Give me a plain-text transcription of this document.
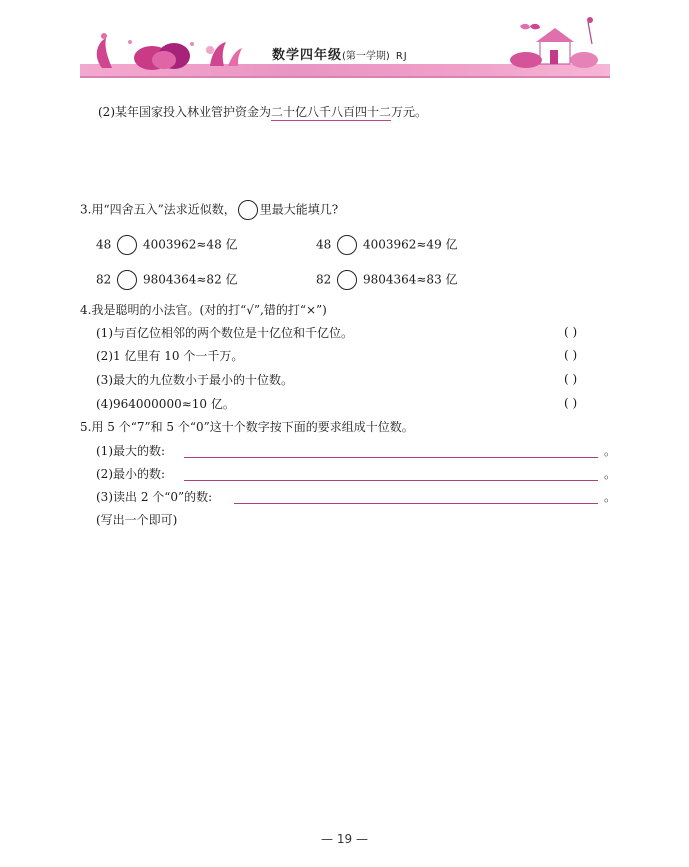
数学四年级(第一学期) RJ
(2)某年国家投入林业管护资金为二十亿八千八百四十二万元。
3.用“四舍五入”法求近似数， 里最大能填几?
48	4003962≈48 亿	48	4003962≈49 亿
82	9804364≈82 亿	82	9804364≈83 亿
4.我是聪明的小法官。(对的打“√”,错的打“×”)
(1)与百亿位相邻的两个数位是十亿位和千亿位。	( )
(2)1 亿里有 10 个一千万。	( )
(3)最大的九位数小于最小的十位数。	( )
(4)964000000≈10 亿。	( )
5.用 5 个“7”和 5 个“0”这十个数字按下面的要求组成十位数。
(1)最大的数:	。
(2)最小的数:	。
(3)读出 2 个“0”的数:	。
(写出一个即可)
— 19 —
